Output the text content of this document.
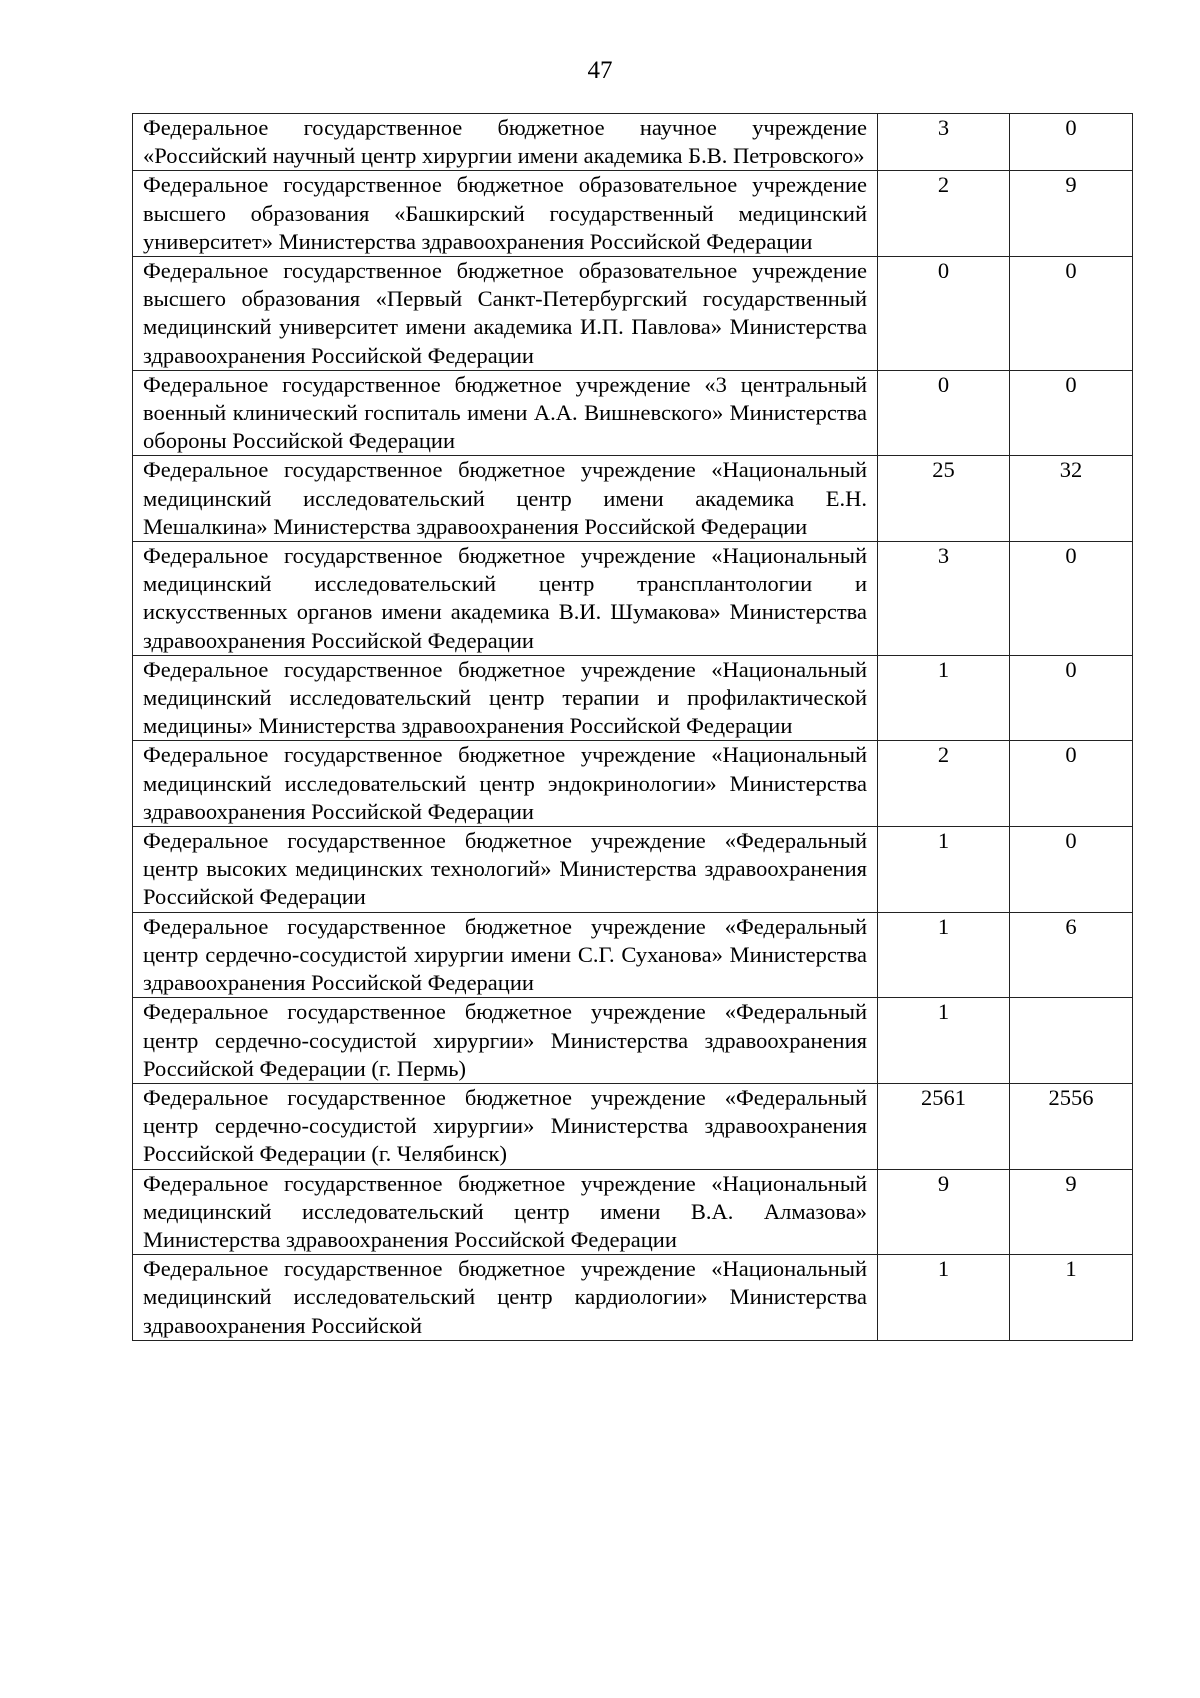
47
Федеральное государственное бюджетное научное учреждение «Российский научный центр хирургии имени академика Б.В. Петровского»	3	0
Федеральное государственное бюджетное образовательное учреждение высшего образования «Башкирский государственный медицинский университет» Министерства здравоохранения Российской Федерации	2	9
Федеральное государственное бюджетное образовательное учреждение высшего образования «Первый Санкт-Петербургский государственный медицинский университет имени академика И.П. Павлова» Министерства здравоохранения Российской Федерации	0	0
Федеральное государственное бюджетное учреждение «3 центральный военный клинический госпиталь имени А.А. Вишневского» Министерства обороны Российской Федерации	0	0
Федеральное государственное бюджетное учреждение «Национальный медицинский исследовательский центр имени академика Е.Н. Мешалкина» Министерства здравоохранения Российской Федерации	25	32
Федеральное государственное бюджетное учреждение «Национальный медицинский исследовательский центр трансплантологии и искусственных органов имени академика В.И. Шумакова» Министерства здравоохранения Российской Федерации	3	0
Федеральное государственное бюджетное учреждение «Национальный медицинский исследовательский центр терапии и профилактической медицины» Министерства здравоохранения Российской Федерации	1	0
Федеральное государственное бюджетное учреждение «Национальный медицинский исследовательский центр эндокринологии» Министерства здравоохранения Российской Федерации	2	0
Федеральное государственное бюджетное учреждение «Федеральный центр высоких медицинских технологий» Министерства здравоохранения Российской Федерации	1	0
Федеральное государственное бюджетное учреждение «Федеральный центр сердечно-сосудистой хирургии имени С.Г. Суханова» Министерства здравоохранения Российской Федерации	1	6
Федеральное государственное бюджетное учреждение «Федеральный центр сердечно-сосудистой хирургии» Министерства здравоохранения Российской Федерации (г. Пермь)	1	
Федеральное государственное бюджетное учреждение «Федеральный центр сердечно-сосудистой хирургии» Министерства здравоохранения Российской Федерации (г. Челябинск)	2561	2556
Федеральное государственное бюджетное учреждение «Национальный медицинский исследовательский центр имени В.А. Алмазова» Министерства здравоохранения Российской Федерации	9	9
Федеральное государственное бюджетное учреждение «Национальный медицинский исследовательский центр кардиологии» Министерства здравоохранения Российской	1	1
